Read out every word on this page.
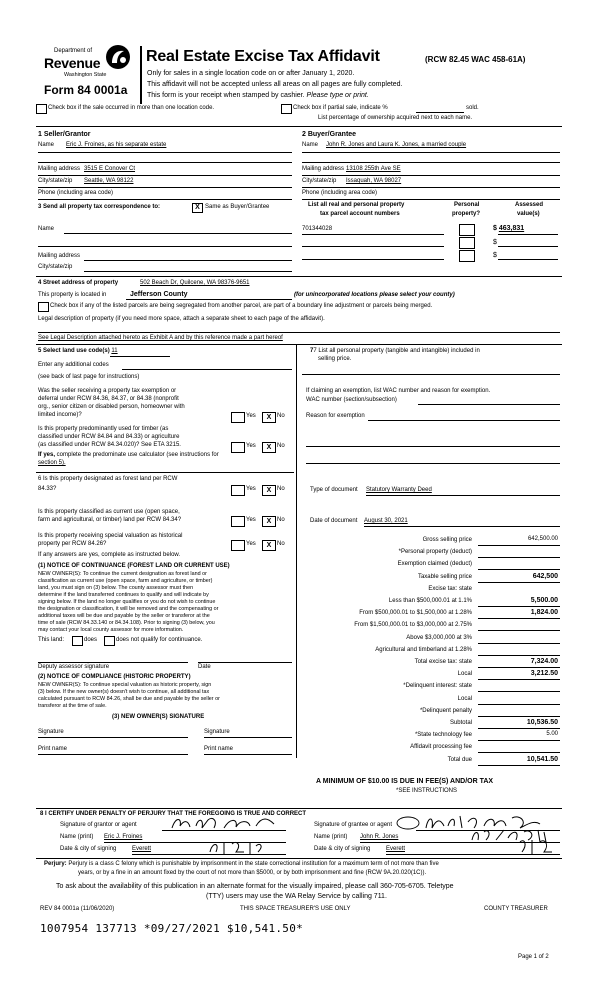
Department of
Revenue
Washington State
Form 84 0001a
Real Estate Excise Tax Affidavit	(RCW 82.45 WAC 458-61A)
Only for sales in a single location code on or after January 1, 2020.
This affidavit will not be accepted unless all areas on all pages are fully completed.
This form is your receipt when stamped by cashier. Please type or print.
Check box if the sale occurred in more than one location code.	Check box if partial sale, indicate %	sold.
List percentage of ownership acquired next to each name.
1 Seller/Grantor
Name Eric J. Froines, as his separate estate
Mailing address 3515 E Conover Ct
City/state/zip Seattle, WA 98122
Phone (including area code)
2 Buyer/Grantee
Name John R. Jones and Laura K. Jones, a married couple
Mailing address 13108 255th Ave SE
City/state/zip Issaquah, WA 98027
Phone (including area code)
3 Send all property tax correspondence to:	X Same as Buyer/Grantee
Name
Mailing address
City/state/zip
List all real and personal property
tax parcel account numbers
Personal
property?
Assessed
value(s)
701344028	$ 463,831
$
$
4 Street address of property	502 Beach Dr, Quilcene, WA 98376-9651
This property is located in	Jefferson County	(for unincorporated locations please select your county)
Check box if any of the listed parcels are being segregated from another parcel, are part of a boundary line adjustment or parcels being merged.
Legal description of property (if you need more space, attach a separate sheet to each page of the affidavit).
See Legal Description attached hereto as Exhibit A and by this reference made a part hereof
5 Select land use code(s) 11
Enter any additional codes
(see back of last page for instructions)
Was the seller receiving a property tax exemption or
deferral under RCW 84.36, 84.37, or 84.38 (nonprofit
org., senior citizen or disabled person, homeowner with
limited income)?	Yes	X No
Is this property predominantly used for timber (as
classified under RCW 84.84 and 84.33) or agriculture
(as classified under RCW 84.34.020)? See ETA 3215.	Yes	X No
If yes, complete the predominate use calculator (see instructions for
section 5).
6 Is this property designated as forest land per RCW
84.33?	Yes	X No
Is this property classified as current use (open space,
farm and agricultural, or timber) land per RCW 84.34?	Yes	X No
Is this property receiving special valuation as historical
property per RCW 84.26?	Yes	X No
If any answers are yes, complete as instructed below.
(1) NOTICE OF CONTINUANCE (FOREST LAND OR CURRENT USE)
NEW OWNER(S): To continue the current designation as forest land or
classification as current use (open space, farm and agriculture, or timber)
land, you must sign on (3) below. The county assessor must then
determine if the land transferred continues to qualify and will indicate by
signing below. If the land no longer qualifies or you do not wish to continue
the designation or classification, it will be removed and the compensating or
additional taxes will be due and payable by the seller or transferor at the
time of sale (RCW 84.33.140 or 84.34.108). Prior to signing (3) below, you
may contact your local county assessor for more information.
This land:	does	does not qualify for continuance.
Deputy assessor signature	Date
(2) NOTICE OF COMPLIANCE (HISTORIC PROPERTY)
NEW OWNER(S): To continue special valuation as historic property, sign
(3) below. If the new owner(s) doesn't wish to continue, all additional tax
calculated pursuant to RCW 84.26, shall be due and payable by the seller or
transferor at the time of sale.
(3) NEW OWNER(S) SIGNATURE
Signature	Signature
Print name	Print name
77 List all personal property (tangible and intangible) included in
selling price.
If claiming an exemption, list WAC number and reason for exemption.
WAC number (section/subsection)
Reason for exemption
Type of document Statutory Warranty Deed
Date of document August 30, 2021
Gross selling price	642,500.00
*Personal property (deduct)
Exemption claimed (deduct)
Taxable selling price	642,500
Excise tax: state
Less than $500,000.01 at 1.1%	5,500.00
From $500,000.01 to $1,500,000 at 1.28%	1,824.00
From $1,500,000.01 to $3,000,000 at 2.75%
Above $3,000,000 at 3%
Agricultural and timberland at 1.28%
Total excise tax: state	7,324.00
Local	3,212.50
*Delinquent interest: state
Local
*Delinquent penalty
Subtotal	10,536.50
*State technology fee	5.00
Affidavit processing fee
Total due	10,541.50
A MINIMUM OF $10.00 IS DUE IN FEE(S) AND/OR TAX
*SEE INSTRUCTIONS
8 I CERTIFY UNDER PENALTY OF PERJURY THAT THE FOREGOING IS TRUE AND CORRECT
Signature of grantor or agent
Name (print) Eric J. Froines
Date & city of signing	Everett
Signature of grantee or agent
Name (print) John R. Jones
Date & city of signing	Everett
Perjury: Perjury is a class C felony which is punishable by imprisonment in the state correctional institution for a maximum term of not more than five
years, or by a fine in an amount fixed by the court of not more than $5000, or by both imprisonment and fine (RCW 9A.20.020(1C)).
To ask about the availability of this publication in an alternate format for the visually impaired, please call 360-705-6705. Teletype
(TTY) users may use the WA Relay Service by calling 711.
REV 84 0001a (11/06/2020)	THIS SPACE TREASURER'S USE ONLY	COUNTY TREASURER
1007954 137713 *09/27/2021 $10,541.50*
Page 1 of 2
